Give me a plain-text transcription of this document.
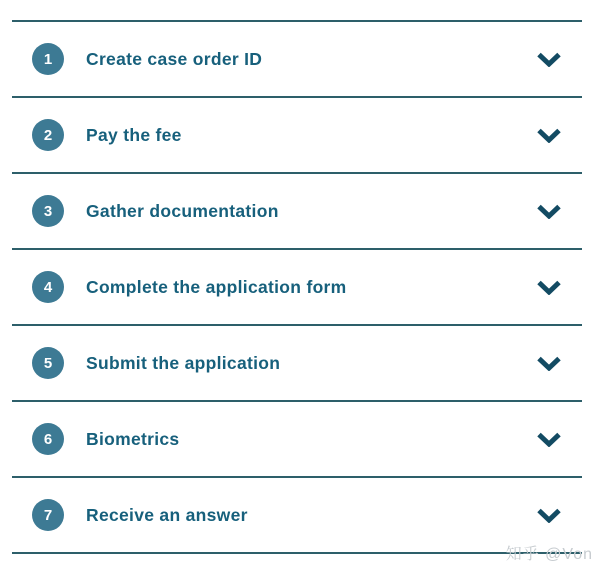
1	Create case order ID
2	Pay the fee
3	Gather documentation
4	Complete the application form
5	Submit the application
6	Biometrics
7	Receive an answer
知乎 @Von
